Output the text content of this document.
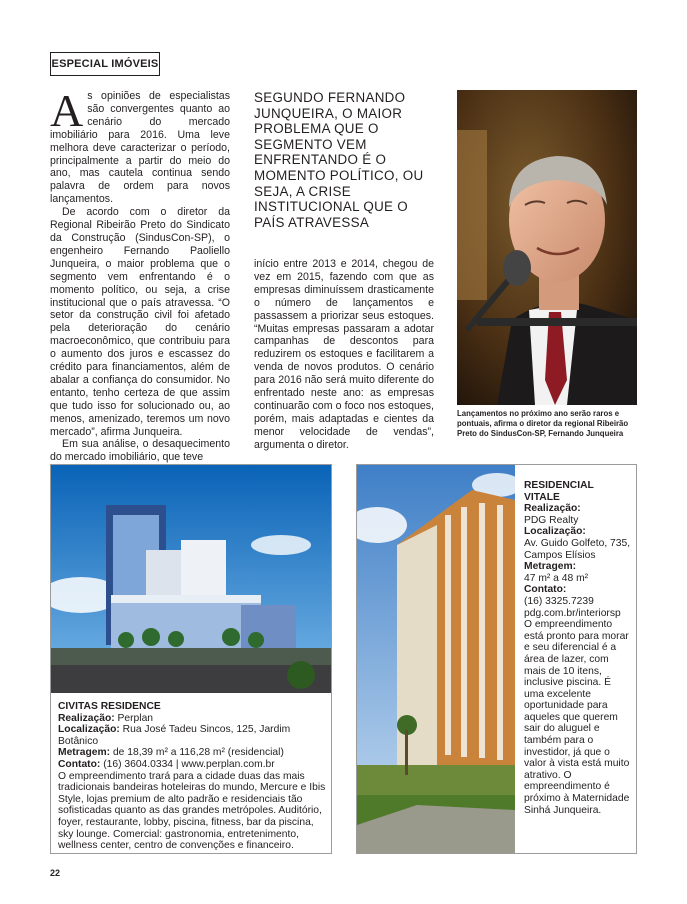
ESPECIAL IMÓVEIS

As opiniões de especialistas são convergentes quanto ao cenário do mercado imobiliário para 2016. Uma leve melhora deve caracterizar o período, principalmente a partir do meio do ano, mas cautela continua sendo palavra de ordem para novos lançamentos.

De acordo com o diretor da Regional Ribeirão Preto do Sindicato da Construção (SindusCon-SP), o engenheiro Fernando Paoliello Junqueira, o maior problema que o segmento vem enfrentando é o momento político, ou seja, a crise institucional que o país atravessa. “O setor da construção civil foi afetado pela deterioração do cenário macroeconômico, que contribuiu para o aumento dos juros e escassez do crédito para financiamentos, além de abalar a confiança do consumidor. No entanto, tenho certeza de que assim que tudo isso for solucionado ou, ao menos, amenizado, teremos um novo mercado”, afirma Junqueira.

Em sua análise, o desaquecimento do mercado imobiliário, que teve

SEGUNDO FERNANDO JUNQUEIRA, O MAIOR PROBLEMA QUE O SEGMENTO VEM ENFRENTANDO É O MOMENTO POLÍTICO, OU SEJA, A CRISE INSTITUCIONAL QUE O PAÍS ATRAVESSA

início entre 2013 e 2014, chegou de vez em 2015, fazendo com que as empresas diminuíssem drasticamente o número de lançamentos e passassem a priorizar seus estoques. “Muitas empresas passaram a adotar campanhas de descontos para reduzirem os estoques e facilitarem a venda de novos produtos. O cenário para 2016 não será muito diferente do enfrentado neste ano: as empresas continuarão com o foco nos estoques, porém, mais adaptadas e cientes da menor velocidade de vendas”, argumenta o diretor.

Lançamentos no próximo ano serão raros e pontuais, afirma o diretor da regional Ribeirão Preto do SindusCon-SP, Fernando Junqueira
CIVITAS RESIDENCE
Realização: Perplan
Localização: Rua José Tadeu Sincos, 125, Jardim Botânico
Metragem: de 18,39 m² a 116,28 m² (residencial)
Contato: (16) 3604.0334 | www.perplan.com.br
O empreendimento trará para a cidade duas das mais tradicionais bandeiras hoteleiras do mundo, Mercure e Ibis Style, lojas premium de alto padrão e residenciais tão sofisticadas quanto as das grandes metrópoles. Auditório, foyer, restaurante, lobby, piscina, fitness, bar da piscina, sky lounge. Comercial: gastronomia, entretenimento, wellness center, centro de convenções e financeiro.
RESIDENCIAL VITALE
Realização:
PDG Realty
Localização:
Av. Guido Golfeto, 735, Campos Elísios
Metragem:
47 m² a 48 m²
Contato:
(16) 3325.7239
pdg.com.br/interiorsp
O empreendimento está pronto para morar e seu diferencial é a área de lazer, com mais de 10 itens, inclusive piscina. É uma excelente oportunidade para aqueles que querem sair do aluguel e também para o investidor, já que o valor à vista está muito atrativo. O empreendimento é próximo à Maternidade Sinhá Junqueira.
22
